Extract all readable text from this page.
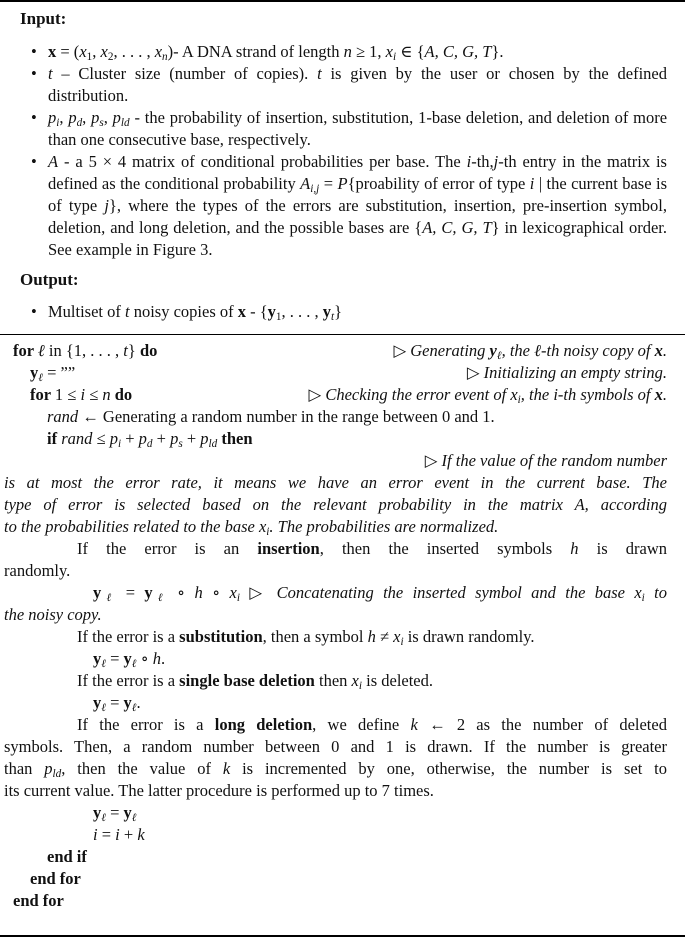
Input:
• $x = (x_1$, $x_2$, . . . , $x_n)-$ A DNA strand of length n ≥ 1, $x_i$ ∈ {A, C, G, T}.
• t – Cluster size (number of copies). t is given by the user or chosen by the defined distribution.
• $p_i$, $p_d$, $p_s$, $p_{ld}$ - the probability of insertion, substitution, 1-base deletion, and deletion of more than one consecutive base, respectively.
• A - a 5 × 4 matrix of conditional probabilities per base. The i-th,j-th entry in the matrix is defined as the conditional probability $A_{i,j}$ = P{proability of error of type i | the current base is of type j}, where the types of the errors are substitution, insertion, pre-insertion symbol, deletion, and long deletion, and the possible bases are {A, C, G, T} in lexicographical order. See example in Figure 3.
Output:
• Multiset of t noisy copies of x - {$y_1$, . . . , $y_t$}
for ℓ in {1, . . . , t} do	▷ Generating $y_\ell$, the ℓ-th noisy copy of x.
$y_\ell$ = ””	▷ Initializing an empty string.
for 1 ≤ i ≤ n do	▷ Checking the error event of $x_i$, the i-th symbols of x.
rand ← Generating a random number in the range between 0 and 1.
if rand ≤ $p_i + p_d + p_s + p_{ld}$ then
▷ If the value of the random number
is at most the error rate, it means we have an error event in the current base. The
type of error is selected based on the relevant probability in the matrix A, according
to the probabilities related to the base $x_i$. The probabilities are normalized.
If the error is an insertion, then the inserted symbols h is drawn
randomly.
$y_\ell = y_\ell$ ∘ h ∘ $x_i$ ▷ Concatenating the inserted symbol and the base $x_i$ to
the noisy copy.
If the error is a substitution, then a symbol $h \ne x_i$ is drawn randomly.
$y_\ell = y_\ell$ ∘ h.
If the error is a single base deletion then $x_i$ is deleted.
$y_\ell = y_\ell$.
If the error is a long deletion, we define k ← 2 as the number of deleted
symbols. Then, a random number between 0 and 1 is drawn. If the number is greater
than $p_{ld}$, then the value of k is incremented by one, otherwise, the number is set to
its current value. The latter procedure is performed up to 7 times.
$y_\ell = y_\ell$
i = i + k
end if
end for
end for
